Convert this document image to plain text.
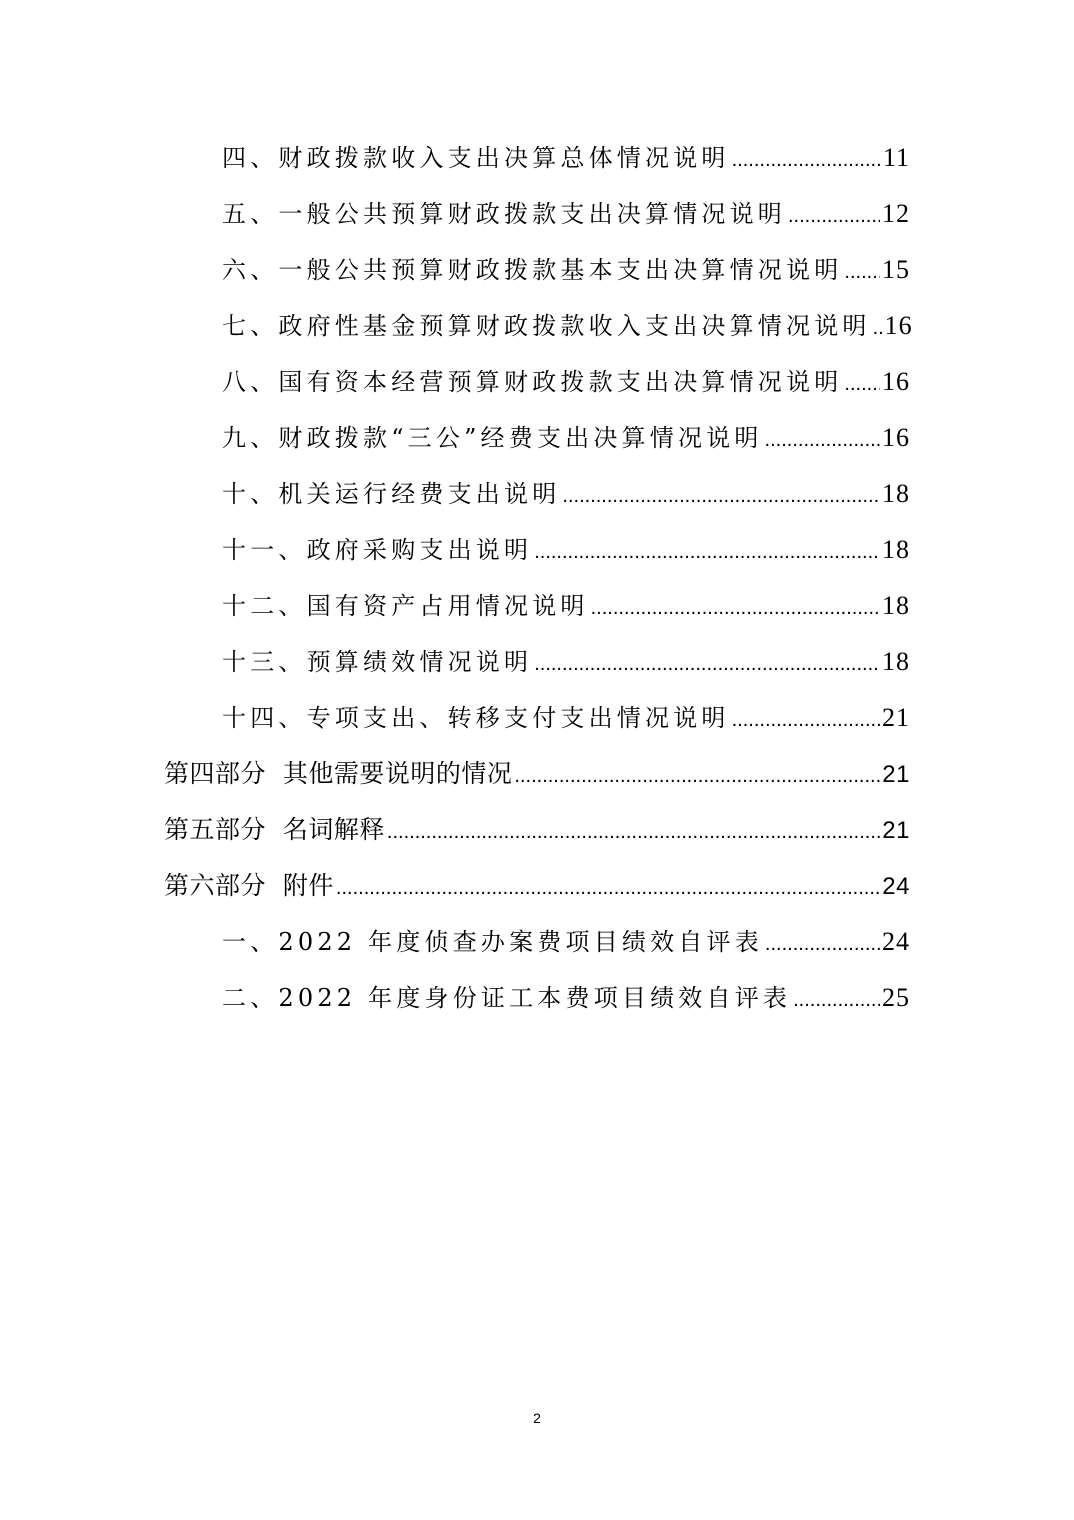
四、财政拨款收入支出决算总体情况说明 .....	11
五、一般公共预算财政拨款支出决算情况说明 .....	12
六、一般公共预算财政拨款基本支出决算情况说明 ..... 15
七、政府性基金预算财政拨款收入支出决算情况说明 ..... 16
八、国有资本经营预算财政拨款支出决算情况说明 ..... 16
九、财政拨款“三公”经费支出决算情况说明 .....	16
十、机关运行经费支出说明 .....	18
十一、政府采购支出说明 .....	18
十二、国有资产占用情况说明 .....	18
十三、预算绩效情况说明 .....	18
十四、专项支出、转移支付支出情况说明 .....	21
第四部分  其他需要说明的情况 .....	21
第五部分  名词解释 .....	21
第六部分  附件 .....	24
一、2022 年度侦查办案费项目绩效自评表 .....	24
二、2022 年度身份证工本费项目绩效自评表 .....	25
2
